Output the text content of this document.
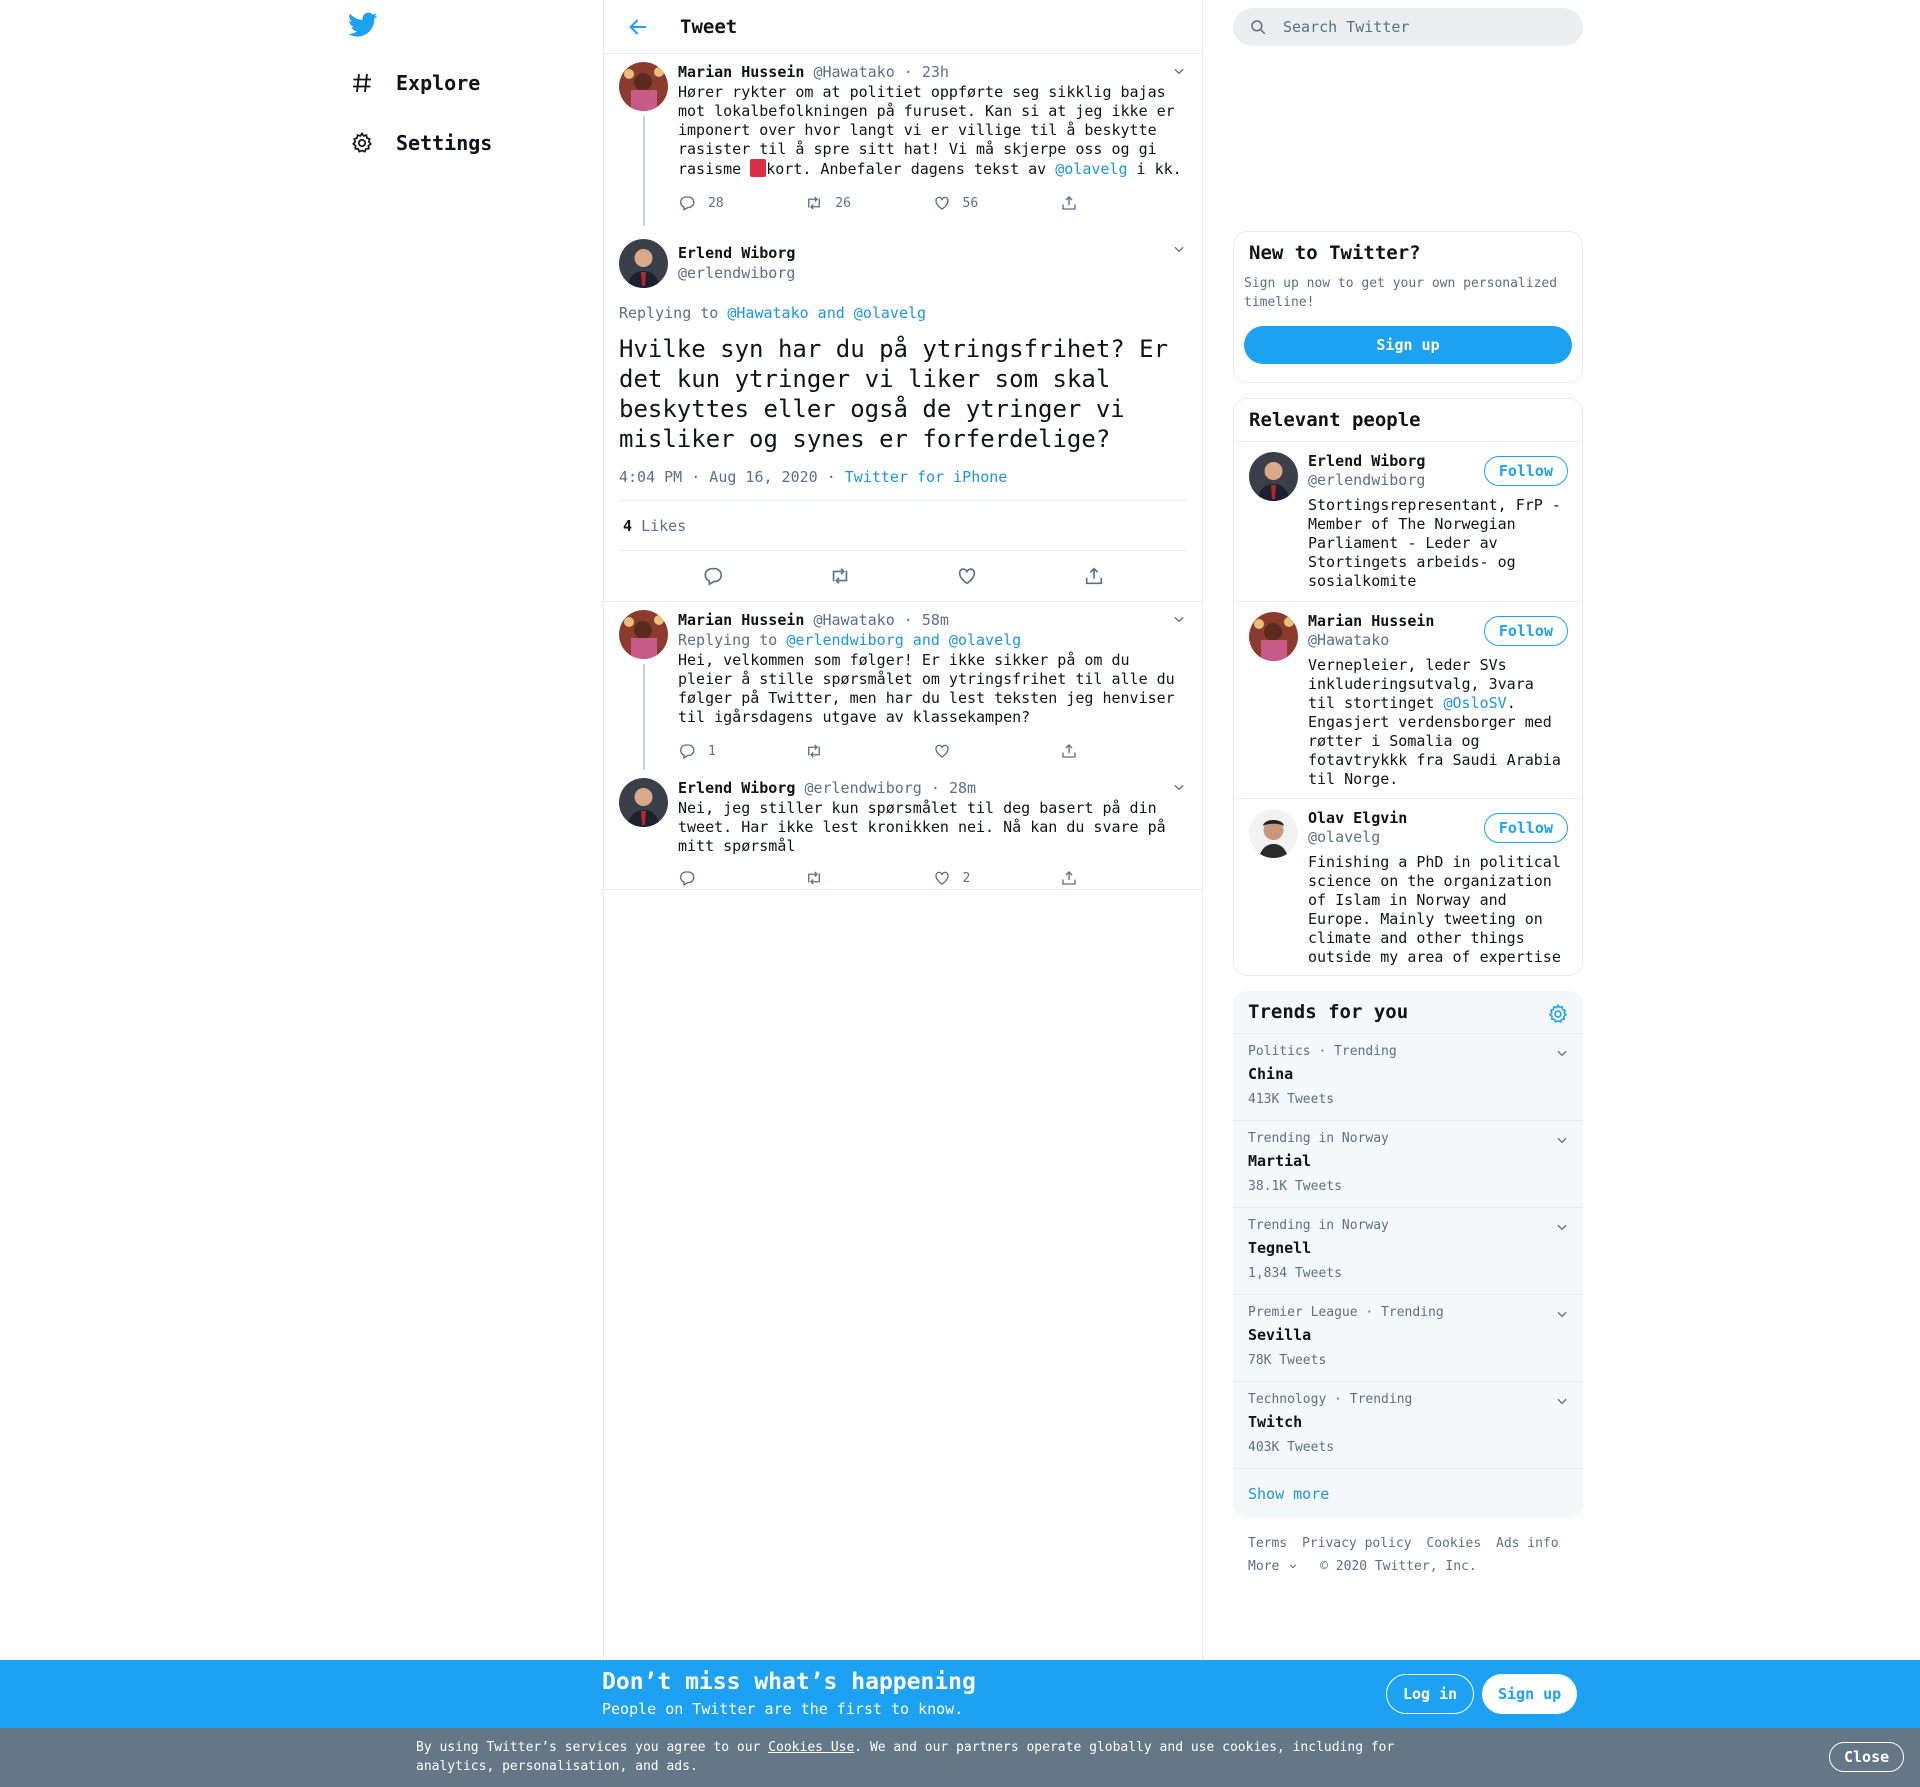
Explore
Settings
Tweet
Marian Hussein @Hawatako · 23h
Hører rykter om at politiet oppførte seg sikklig bajas mot lokalbefolkningen på furuset. Kan si at jeg ikke er imponert over hvor langt vi er villige til å beskytte rasister til å spre sitt hat! Vi må skjerpe oss og gi rasisme kort. Anbefaler dagens tekst av @olavelg i kk.
28	26	56
Erlend Wiborg
@erlendwiborg
Replying to @Hawatako and @olavelg
Hvilke syn har du på ytringsfrihet? Er det kun ytringer vi liker som skal beskyttes eller også de ytringer vi misliker og synes er forferdelige?
4:04 PM · Aug 16, 2020 · Twitter for iPhone
4
Likes
Marian Hussein @Hawatako · 58m
Replying to @erlendwiborg and @olavelg
Hei, velkommen som følger! Er ikke sikker på om du pleier å stille spørsmålet om ytringsfrihet til alle du følger på Twitter, men har du lest teksten jeg henviser til igårsdagens utgave av klassekampen?
1
Erlend Wiborg @erlendwiborg · 28m
Nei, jeg stiller kun spørsmålet til deg basert på din tweet. Har ikke lest kronikken nei. Nå kan du svare på mitt spørsmål
2
Search Twitter
New to Twitter?
Sign up now to get your own personalized timeline!
Sign up
Relevant people
Erlend Wiborg
@erlendwiborg
Stortingsrepresentant, FrP - Member of The Norwegian Parliament - Leder av Stortingets arbeids- og sosialkomite
Follow
Marian Hussein
@Hawatako
Vernepleier, leder SVs inkluderingsutvalg, 3vara til stortinget @OsloSV. Engasjert verdensborger med røtter i Somalia og fotavtrykkk fra Saudi Arabia til Norge.
Follow
Olav Elgvin
@olavelg
Finishing a PhD in political science on the organization of Islam in Norway and Europe. Mainly tweeting on climate and other things outside my area of expertise
Follow
Trends for you
Politics · Trending
China
413K Tweets
Trending in Norway
Martial
38.1K Tweets
Trending in Norway
Tegnell
1,834 Tweets
Premier League · Trending
Sevilla
78K Tweets
Technology · Trending
Twitch
403K Tweets
Show more
Terms Privacy policy Cookies Ads info
More	© 2020 Twitter, Inc.
Don’t miss what’s happening
People on Twitter are the first to know.
Log in	Sign up
By using Twitter’s services you agree to our Cookies Use. We and our partners operate globally and use cookies, including for analytics, personalisation, and ads.
Close
